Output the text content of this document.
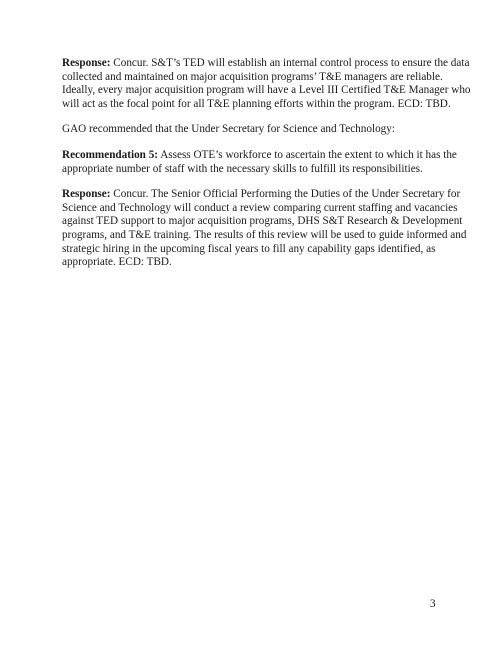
Response: Concur. S&T’s TED will establish an internal control process to ensure the data
collected and maintained on major acquisition programs’ T&E managers are reliable.
Ideally, every major acquisition program will have a Level III Certified T&E Manager who
will act as the focal point for all T&E planning efforts within the program. ECD: TBD.

GAO recommended that the Under Secretary for Science and Technology:

Recommendation 5: Assess OTE’s workforce to ascertain the extent to which it has the
appropriate number of staff with the necessary skills to fulfill its responsibilities.

Response: Concur. The Senior Official Performing the Duties of the Under Secretary for
Science and Technology will conduct a review comparing current staffing and vacancies
against TED support to major acquisition programs, DHS S&T Research & Development
programs, and T&E training. The results of this review will be used to guide informed and
strategic hiring in the upcoming fiscal years to fill any capability gaps identified, as
appropriate. ECD: TBD.

3
